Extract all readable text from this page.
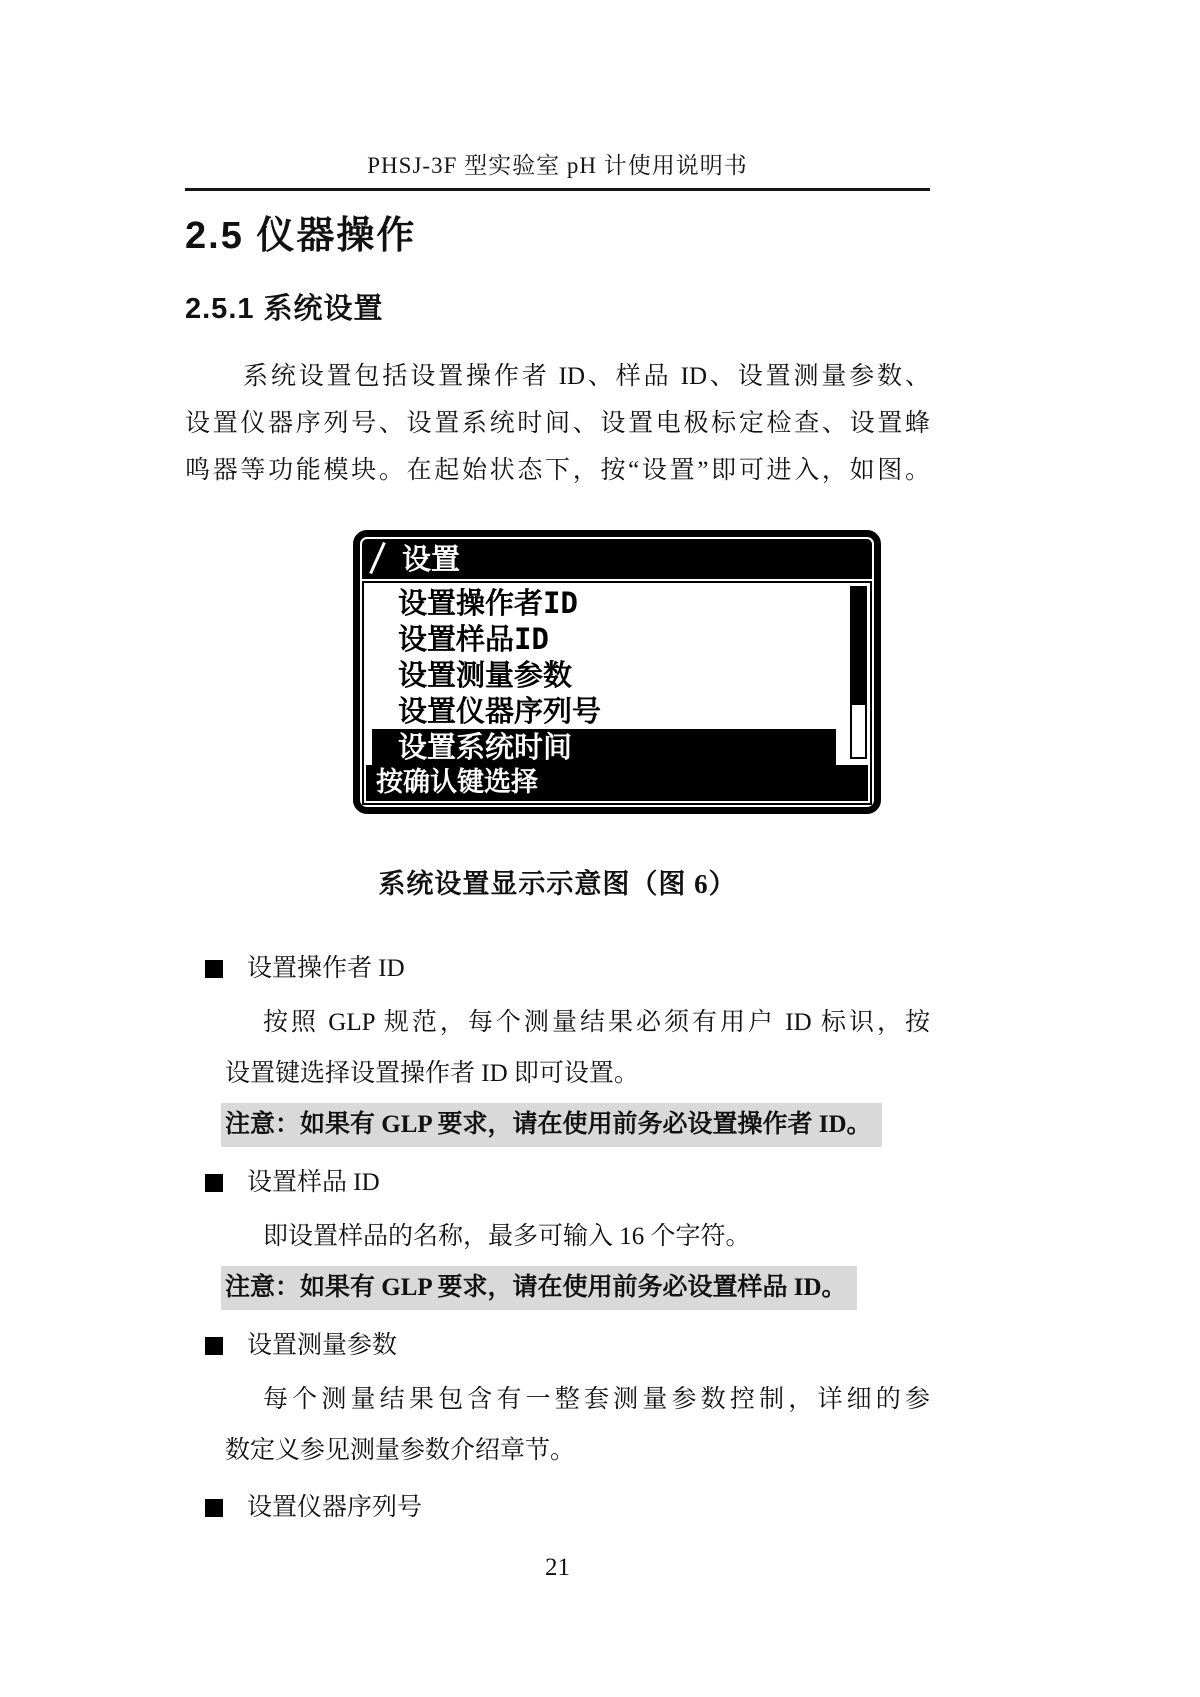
PHSJ-3F 型实验室 pH 计使用说明书
2.5 仪器操作
2.5.1 系统设置
系统设置包括设置操作者 ID、样品 ID、设置测量参数、
设置仪器序列号、设置系统时间、设置电极标定检查、设置蜂
鸣器等功能模块。在起始状态下，按“设置”即可进入，如图。
设置
设置操作者ID
设置样品ID
设置测量参数
设置仪器序列号
设置系统时间
按确认键选择
系统设置显示示意图（图 6）
设置操作者 ID
按照 GLP 规范，每个测量结果必须有用户 ID 标识，按
设置键选择设置操作者 ID 即可设置。
注意：如果有 GLP 要求，请在使用前务必设置操作者 ID。
设置样品 ID
即设置样品的名称，最多可输入 16 个字符。
注意：如果有 GLP 要求，请在使用前务必设置样品 ID。
设置测量参数
每个测量结果包含有一整套测量参数控制，详细的参
数定义参见测量参数介绍章节。
设置仪器序列号
21
